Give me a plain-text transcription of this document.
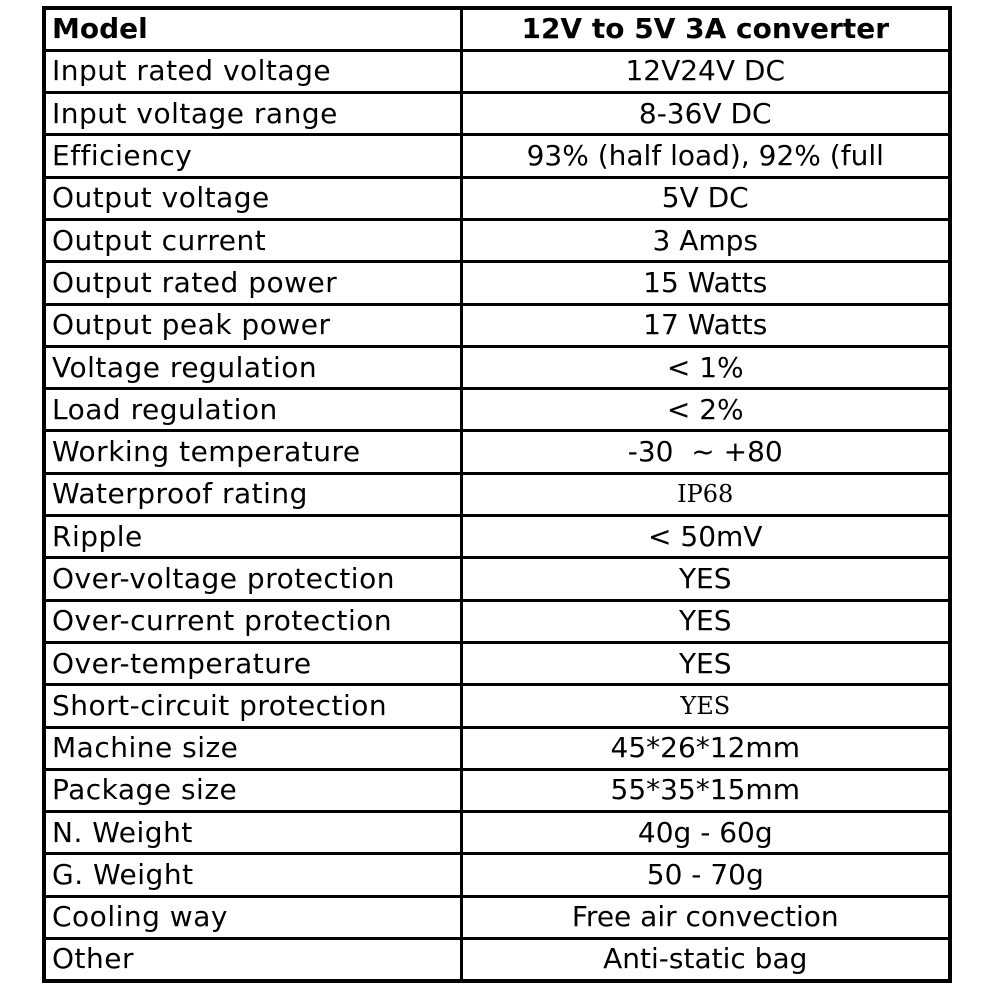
Model	12V to 5V 3A converter
Input rated voltage	12V24V DC
Input voltage range	8-36V DC
Efficiency	93% (half load), 92% (full
Output voltage	5V DC
Output current	3 Amps
Output rated power	15 Watts
Output peak power	17 Watts
Voltage regulation	< 1%
Load regulation	< 2%
Working temperature	-30  ~ +80
Waterproof rating	IP68
Ripple	< 50mV
Over-voltage protection	YES
Over-current protection	YES
Over-temperature	YES
Short-circuit protection	YES
Machine size	45*26*12mm
Package size	55*35*15mm
N. Weight	40g - 60g
G. Weight	50 - 70g
Cooling way	Free air convection
Other	Anti-static bag
